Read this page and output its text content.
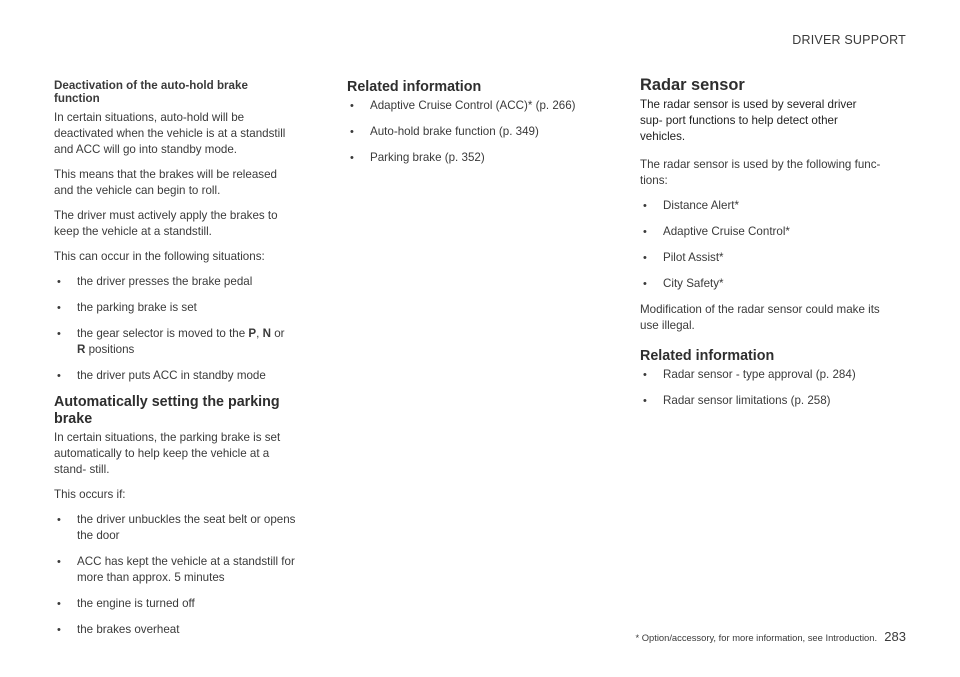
DRIVER SUPPORT
Deactivation of the auto-hold brake function

In certain situations, auto-hold will be deactivated when the vehicle is at a standstill and ACC will go into standby mode.

This means that the brakes will be released and the vehicle can begin to roll.

The driver must actively apply the brakes to keep the vehicle at a standstill.

This can occur in the following situations:

• the driver presses the brake pedal
• the parking brake is set
• the gear selector is moved to the P, N or R positions
• the driver puts ACC in standby mode
Automatically setting the parking brake

In certain situations, the parking brake is set automatically to help keep the vehicle at a stand- still.

This occurs if:

• the driver unbuckles the seat belt or opens the door
• ACC has kept the vehicle at a standstill for more than approx. 5 minutes
• the engine is turned off
• the brakes overheat
Related information
• Adaptive Cruise Control (ACC)* (p. 266)
• Auto-hold brake function (p. 349)
• Parking brake (p. 352)
Radar sensor

The radar sensor is used by several driver sup- port functions to help detect other vehicles.

The radar sensor is used by the following func- tions:

• Distance Alert*
• Adaptive Cruise Control*
• Pilot Assist*
• City Safety*

Modification of the radar sensor could make its use illegal.

Related information
• Radar sensor - type approval (p. 284)
• Radar sensor limitations (p. 258)
* Option/accessory, for more information, see Introduction. 283
